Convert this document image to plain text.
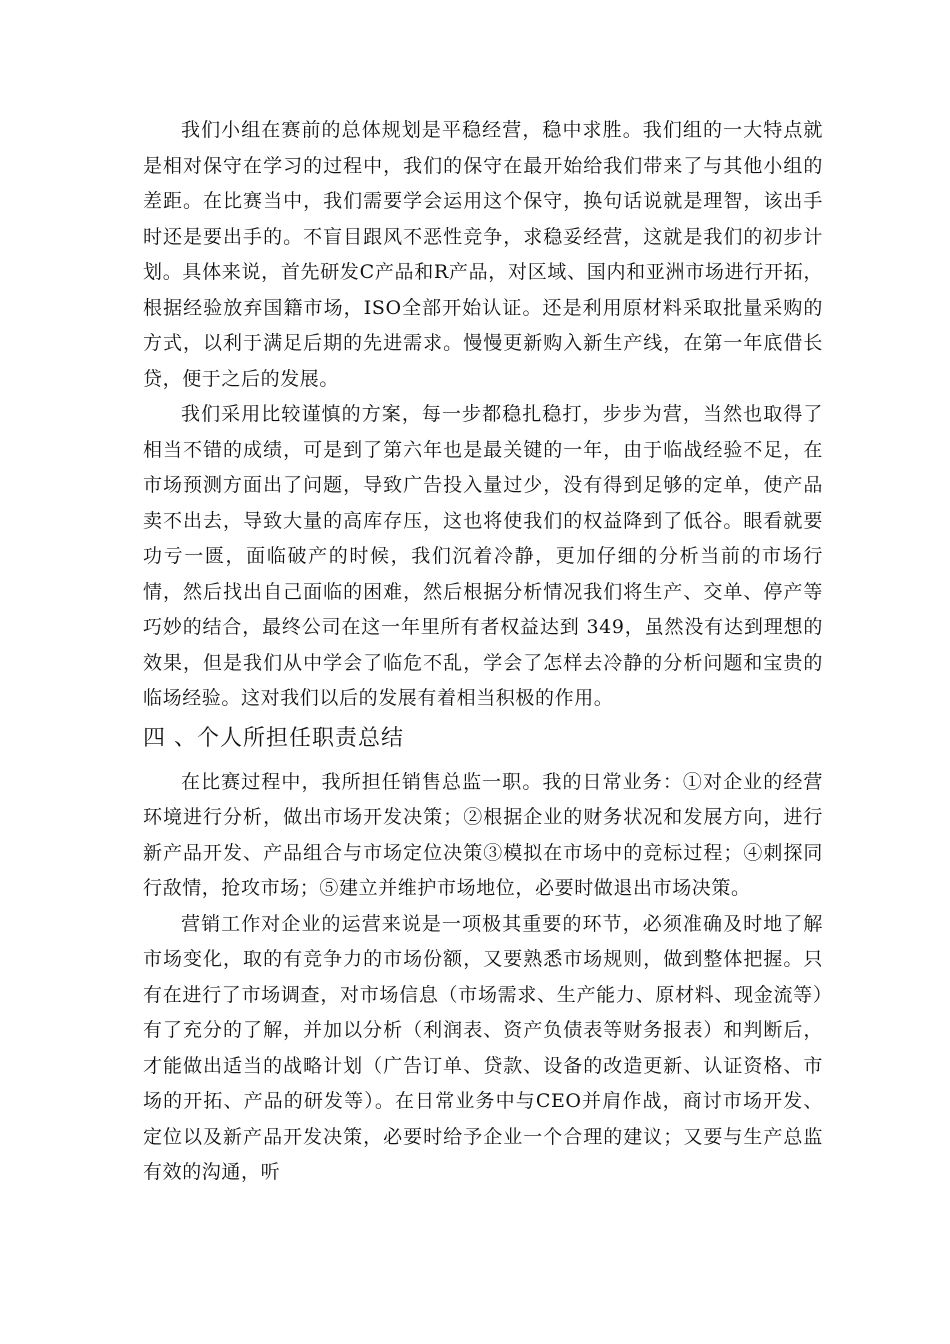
我们小组在赛前的总体规划是平稳经营，稳中求胜。我们组的一大特点就是相对保守在学习的过程中，我们的保守在最开始给我们带来了与其他小组的差距。在比赛当中，我们需要学会运用这个保守，换句话说就是理智，该出手时还是要出手的。不盲目跟风不恶性竞争，求稳妥经营，这就是我们的初步计划。具体来说，首先研发C产品和R产品，对区域、国内和亚洲市场进行开拓，根据经验放弃国籍市场，ISO全部开始认证。还是利用原材料采取批量采购的方式，以利于满足后期的先进需求。慢慢更新购入新生产线，在第一年底借长贷，便于之后的发展。

我们采用比较谨慎的方案，每一步都稳扎稳打，步步为营，当然也取得了相当不错的成绩，可是到了第六年也是最关键的一年，由于临战经验不足，在市场预测方面出了问题，导致广告投入量过少，没有得到足够的定单，使产品卖不出去，导致大量的高库存压，这也将使我们的权益降到了低谷。眼看就要功亏一匮，面临破产的时候，我们沉着冷静，更加仔细的分析当前的市场行情，然后找出自己面临的困难，然后根据分析情况我们将生产、交单、停产等巧妙的结合，最终公司在这一年里所有者权益达到 349，虽然没有达到理想的效果，但是我们从中学会了临危不乱，学会了怎样去冷静的分析问题和宝贵的临场经验。这对我们以后的发展有着相当积极的作用。

四 、个人所担任职责总结

在比赛过程中，我所担任销售总监一职。我的日常业务：①对企业的经营环境进行分析，做出市场开发决策；②根据企业的财务状况和发展方向，进行新产品开发、产品组合与市场定位决策③模拟在市场中的竞标过程；④刺探同行敌情，抢攻市场；⑤建立并维护市场地位，必要时做退出市场决策。

营销工作对企业的运营来说是一项极其重要的环节，必须准确及时地了解市场变化，取的有竞争力的市场份额，又要熟悉市场规则，做到整体把握。只有在进行了市场调查，对市场信息（市场需求、生产能力、原材料、现金流等）有了充分的了解，并加以分析（利润表、资产负债表等财务报表）和判断后，才能做出适当的战略计划（广告订单、贷款、设备的改造更新、认证资格、市场的开拓、产品的研发等）。在日常业务中与CEO并肩作战，商讨市场开发、定位以及新产品开发决策，必要时给予企业一个合理的建议；又要与生产总监有效的沟通，听
